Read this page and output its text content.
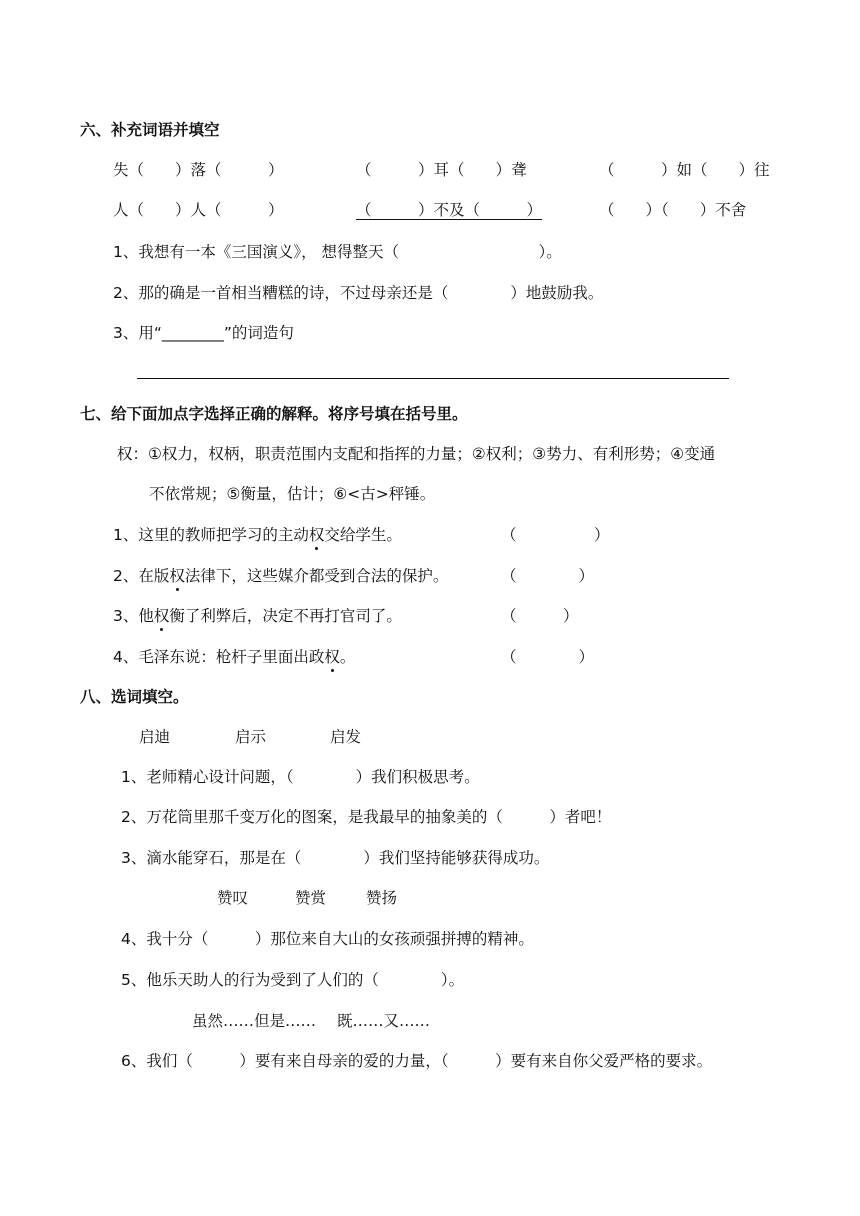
六、补充词语并填空
失（　　）落（　　　）	（　　　）耳（　　）聋	（　　　）如（　　）往
人（　　）人（　　　）	（　　　）不及（　　　）	（　　）（　　）不舍
1、我想有一本《三国演义》， 想得整天（　　　　　　　　　）。
2、那的确是一首相当糟糕的诗，不过母亲还是（　　　　）地鼓励我。
3、用“________”的词造句
七、给下面加点字选择正确的解释。将序号填在括号里。
权：①权力，权柄，职责范围内支配和指挥的力量；②权利；③势力、有利形势；④变通
不依常规；⑤衡量，估计；⑥<古>秤锤。
1、这里的教师把学习的主动权交给学生。	（　　　　　）
2、在版权法律下，这些媒介都受到合法的保护。	（　　　　）
3、他权衡了利弊后，决定不再打官司了。	（　　　）
4、毛泽东说：枪杆子里面出政权。	（　　　　）
八、选词填空。
启迪	启示	启发
1、老师精心设计问题，（　　　　）我们积极思考。
2、万花筒里那千变万化的图案，是我最早的抽象美的（　　　）者吧！
3、滴水能穿石，那是在（　　　　）我们坚持能够获得成功。
赞叹	赞赏	赞扬
4、我十分（　　　）那位来自大山的女孩顽强拼搏的精神。
5、他乐天助人的行为受到了人们的（　　　　）。
虽然……但是…… 既……又……
6、我们（　　　）要有来自母亲的爱的力量，（　　　）要有来自你父爱严格的要求。
